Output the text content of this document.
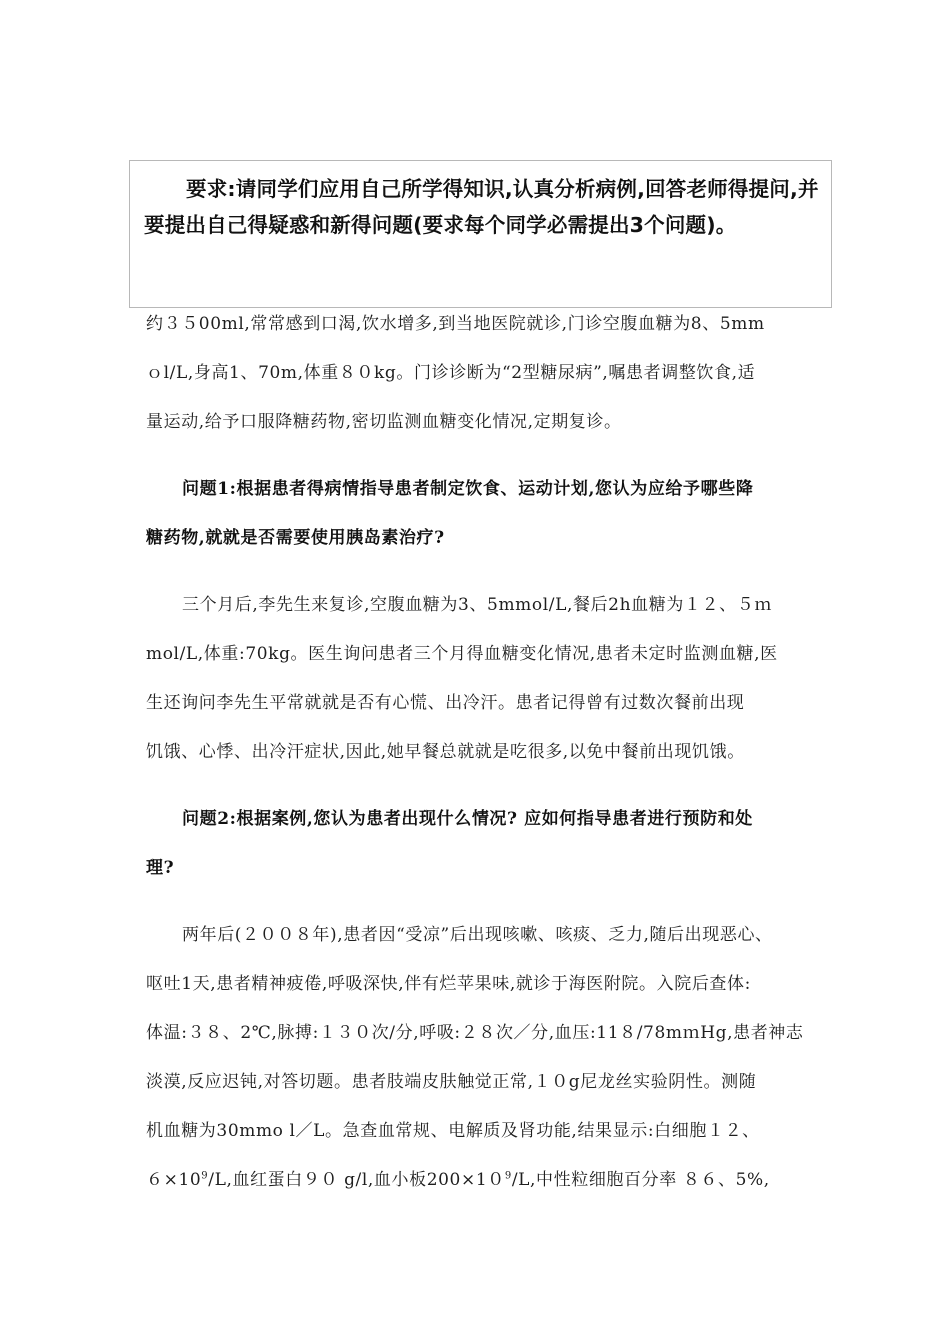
要求:请同学们应用自己所学得知识,认真分析病例,回答老师得提问,并要提出自己得疑惑和新得问题(要求每个同学必需提出3个问题)。

约３５00ml,常常感到口渴,饮水增多,到当地医院就诊,门诊空腹血糖为8、5mm

ｏl/L,身高1、70m,体重８０kg。门诊诊断为“2型糖尿病”,嘱患者调整饮食,适

量运动,给予口服降糖药物,密切监测血糖变化情况,定期复诊。

问题1:根据患者得病情指导患者制定饮食、运动计划,您认为应给予哪些降

糖药物,就就是否需要使用胰岛素治疗?

三个月后,李先生来复诊,空腹血糖为3、5mmol/L,餐后2h血糖为１２、５ｍ

mol/L,体重:70kg。医生询问患者三个月得血糖变化情况,患者未定时监测血糖,医

生还询问李先生平常就就是否有心慌、出冷汗。患者记得曾有过数次餐前出现

饥饿、心悸、出冷汗症状,因此,她早餐总就就是吃很多,以免中餐前出现饥饿。

问题2:根据案例,您认为患者出现什么情况? 应如何指导患者进行预防和处

理?

两年后(２００８年),患者因“受凉”后出现咳嗽、咳痰、乏力,随后出现恶心、

呕吐1天,患者精神疲倦,呼吸深快,伴有烂苹果味,就诊于海医附院。入院后查体:

体温:３８、2℃,脉搏:１３０次/分,呼吸:２８次／分,血压:11８/78mｍHg,患者神志

淡漠,反应迟钝,对答切题。患者肢端皮肤触觉正常,１０g尼龙丝实验阴性。测随

机血糖为30mmo l／L。急查血常规、电解质及肾功能,结果显示:白细胞１２、

$6\times 10^9/L$,血红蛋白９０ g/l,血小板$200\times 10^9/L$,中性粒细胞百分率 ８６、5%,
